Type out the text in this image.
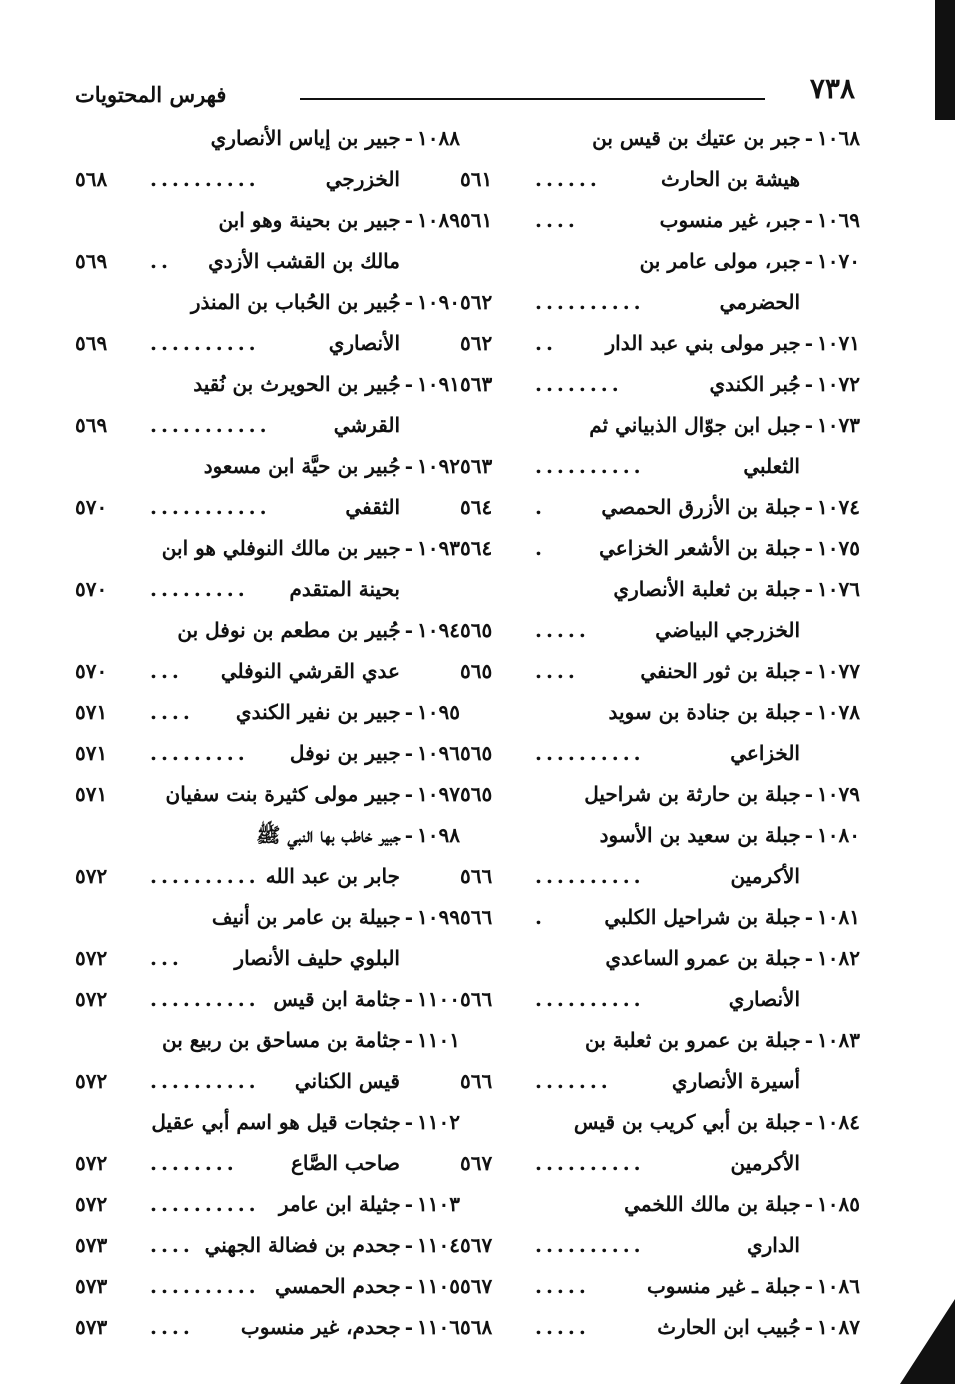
٧٣٨
فهرس المحتويات
١٠٦٨-جبر بن عتيك بن قيس بن
هيشة بن الحارث
٥٦١ ......
١٠٦٩-جبر، غير منسوب
٥٦١ ....
١٠٧٠-جبر، مولى عامر بن
الحضرمي
٥٦٢ ..........
١٠٧١-جبر مولى بني عبد الدار
٥٦٢ ..
١٠٧٢-جُبر الكندي
٥٦٣ ........
١٠٧٣-جبل ابن جوّال الذبياني ثم
الثعلبي
٥٦٣ ..........
١٠٧٤-جبلة بن الأزرق الحمصي
٥٦٤ .
١٠٧٥-جبلة بن الأشعر الخزاعي
٥٦٤ .
١٠٧٦-جبلة بن ثعلبة الأنصاري
الخزرجي البياضي
٥٦٥ .....
١٠٧٧-جبلة بن ثور الحنفي
٥٦٥ ....
١٠٧٨-جبلة بن جنادة بن سويد
الخزاعي
٥٦٥ ..........
١٠٧٩-جبلة بن حارثة بن شراحيل
٥٦٥
١٠٨٠-جبلة بن سعيد بن الأسود
الأكرمين
٥٦٦ ..........
١٠٨١-جبلة بن شراحيل الكلبي
٥٦٦ .
١٠٨٢-جبلة بن عمرو الساعدي
الأنصاري
٥٦٦ ..........
١٠٨٣-جبلة بن عمرو بن ثعلبة بن
أسيرة الأنصاري
٥٦٦ .......
١٠٨٤-جبلة بن أبي كريب بن قيس
الأكرمين
٥٦٧ ..........
١٠٨٥-جبلة بن مالك اللخمي
الداري
٥٦٧ ..........
١٠٨٦-جبلة ـ غير منسوب
٥٦٧ .....
١٠٨٧-جُبيب ابن الحارث
٥٦٨ .....
١٠٨٨-جبير بن إياس الأنصاري
الخزرجي
٥٦٨ ..........
١٠٨٩-جبير بن بحينة وهو ابن
مالك بن القشب الأزدي
٥٦٩ ..
١٠٩٠-جُبير بن الحُباب بن المنذر
الأنصاري
٥٦٩ ..........
١٠٩١-جُبير بن الحويرث بن نُقيد
القرشي
٥٦٩ ...........
١٠٩٢-جُبير بن حيَّة ابن مسعود
الثقفي
٥٧٠ ...........
١٠٩٣-جبير بن مالك النوفلي هو ابن
بحينة المتقدم
٥٧٠ .........
١٠٩٤-جُبير بن مطعم بن نوفل بن
عدي القرشي النوفلي
٥٧٠ ...
١٠٩٥-جبير بن نفير الكندي
٥٧١ ....
١٠٩٦-جبير بن نوفل
٥٧١ .........
١٠٩٧-جبير مولى كثيرة بنت سفيان
٥٧١
١٠٩٨-جبير خاطب بها النبي ﷺ
جابر بن عبد الله
٥٧٢ ..........
١٠٩٩-جبيلة بن عامر بن أنيف
البلوي حليف الأنصار
٥٧٢ ...
١١٠٠-جثامة ابن قيس
٥٧٢ ..........
١١٠١-جثامة بن مساحق بن ربيع بن
قيس الكناني
٥٧٢ ..........
١١٠٢-جثجات قيل هو اسم أبي عقيل
صاحب الصَّاع
٥٧٢ ........
١١٠٣-جثيلة ابن عامر
٥٧٢ ..........
١١٠٤-جحدم بن فضالة الجهني
٥٧٣ ....
١١٠٥-جحدم الحمسي
٥٧٣ ..........
١١٠٦-جحدم، غير منسوب
٥٧٣ ....
